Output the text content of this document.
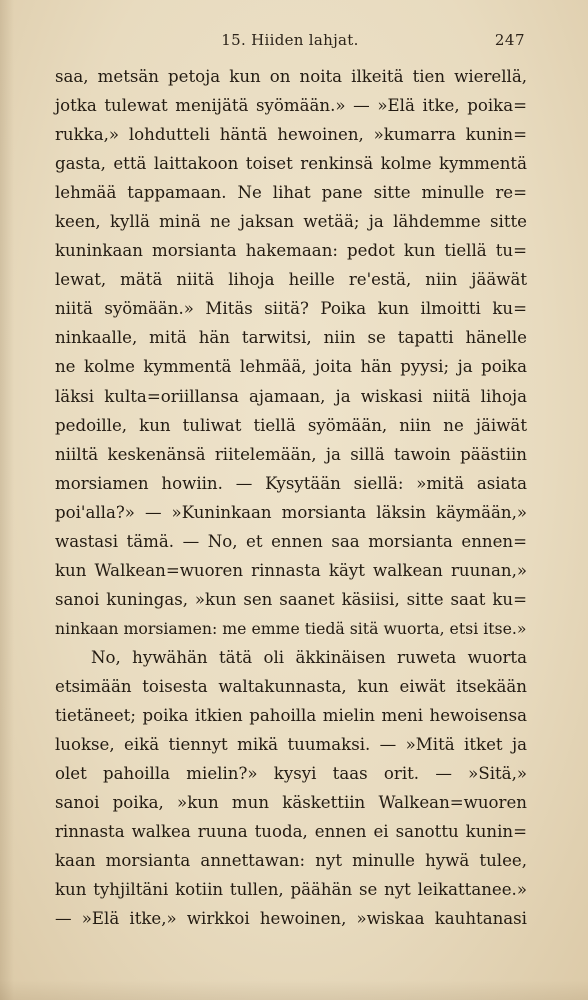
15. Hiiden lahjat.	247
saa, metsän petoja kun on noita ilkeitä tien wierellä,
jotka tulewat menijätä syömään.» — »Elä itke, poika=
rukka,» lohdutteli häntä hewoinen, »kumarra kunin=
gasta, että laittakoon toiset renkinsä kolme kymmentä
lehmää tappamaan. Ne lihat pane sitte minulle re=
keen, kyllä minä ne jaksan wetää; ja lähdemme sitte
kuninkaan morsianta hakemaan: pedot kun tiellä tu=
lewat, mätä niitä lihoja heille re'estä, niin jääwät
niitä syömään.» Mitäs siitä? Poika kun ilmoitti ku=
ninkaalle, mitä hän tarwitsi, niin se tapatti hänelle
ne kolme kymmentä lehmää, joita hän pyysi; ja poika
läksi kulta=oriillansa ajamaan, ja wiskasi niitä lihoja
pedoille, kun tuliwat tiellä syömään, niin ne jäiwät
niiltä keskenänsä riitelemään, ja sillä tawoin päästiin
morsiamen howiin. — Kysytään siellä: »mitä asiata
poi'alla?» — »Kuninkaan morsianta läksin käymään,»
wastasi tämä. — No, et ennen saa morsianta ennen=
kun Walkean=wuoren rinnasta käyt walkean ruunan,»
sanoi kuningas, »kun sen saanet käsiisi, sitte saat ku=
ninkaan morsiamen: me emme tiedä sitä wuorta, etsi itse.»
No, hywähän tätä oli äkkinäisen ruweta wuorta
etsimään toisesta waltakunnasta, kun eiwät itsekään
tietäneet; poika itkien pahoilla mielin meni hewoisensa
luokse, eikä tiennyt mikä tuumaksi. — »Mitä itket ja
olet pahoilla mielin?» kysyi taas orit. — »Sitä,»
sanoi poika, »kun mun käskettiin Walkean=wuoren
rinnasta walkea ruuna tuoda, ennen ei sanottu kunin=
kaan morsianta annettawan: nyt minulle hywä tulee,
kun tyhjiltäni kotiin tullen, päähän se nyt leikattanee.»
— »Elä itke,» wirkkoi hewoinen, »wiskaa kauhtanasi
